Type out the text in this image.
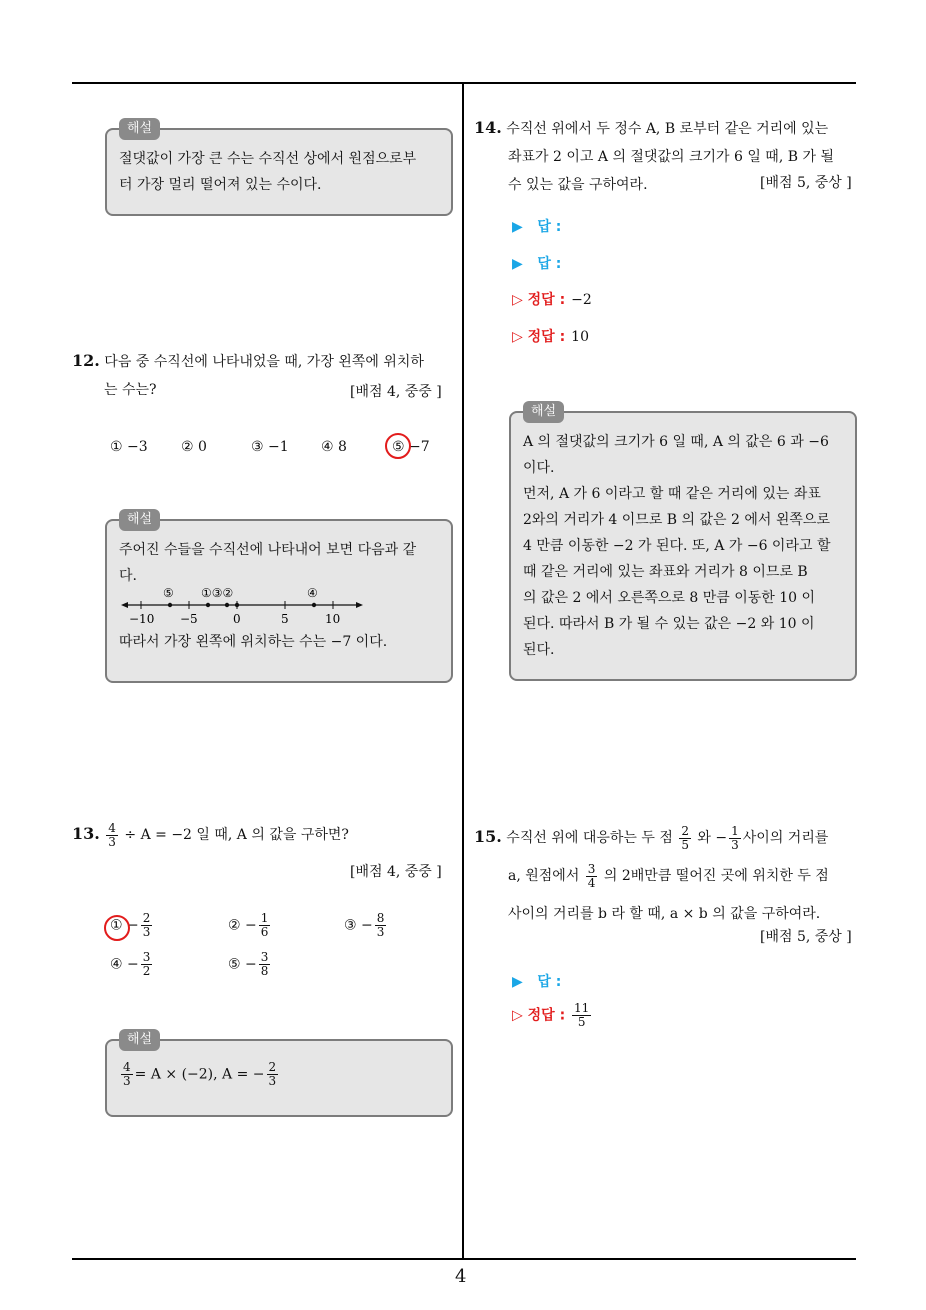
4
해설
절댓값이 가장 큰 수는 수직선 상에서 원점으로부
터 가장 멀리 떨어져 있는 수이다.
12. 다음 중 수직선에 나타내었을 때, 가장 왼쪽에 위치하
는 수는?	[배점 4, 중중 ]
① −3 ② 0	③ −1 ④ 8	⑤ −7
해설
주어진 수들을 수직선에 나타내어 보면 다음과 같
다.
⑤ ①③②	④
−10 −5	0	5	10
따라서 가장 왼쪽에 위치하는 수는 −7 이다.
13. $\frac{4}{3} \div A = -2$ 일 때, A 의 값을 구하면?
[배점 4, 중중 ]
① − $\frac{2}{3}$	② − $\frac{1}{6}$	③ − $\frac{8}{3}$
④ − $\frac{3}{2}$	⑤ − $\frac{3}{8}$
해설
$\frac{4}{3} = A \times (-2)$, A = − $\frac{2}{3}$
14. 수직선 위에서 두 정수 A, B 로부터 같은 거리에 있는
좌표가 2 이고 A 의 절댓값의 크기가 6 일 때, B 가 될
수 있는 값을 구하여라.	[배점 5, 중상 ]
▶   답 :
▶   답 :
▷ 정답 : −2
▷ 정답 : 10
해설
A 의 절댓값의 크기가 6 일 때, A 의 값은 6 과 −6
이다.
먼저, A 가 6 이라고 할 때 같은 거리에 있는 좌표
2와의 거리가 4 이므로 B 의 값은 2 에서 왼쪽으로
4 만큼 이동한 −2 가 된다. 또, A 가 −6 이라고 할
때 같은 거리에 있는 좌표와 거리가 8 이므로 B
의 값은 2 에서 오른쪽으로 8 만큼 이동한 10 이
된다. 따라서 B 가 될 수 있는 값은 −2 와 10 이
된다.
15. 수직선 위에 대응하는 두 점 $\frac{2}{5}$ 와 − $\frac{1}{3}$ 사이의 거리를
a, 원점에서 $\frac{3}{4}$ 의 2배만큼 떨어진 곳에 위치한 두 점
사이의 거리를 b 라 할 때, a × b 의 값을 구하여라.
[배점 5, 중상 ]
▶   답 :
▷ 정답 : $\frac{11}{5}$
